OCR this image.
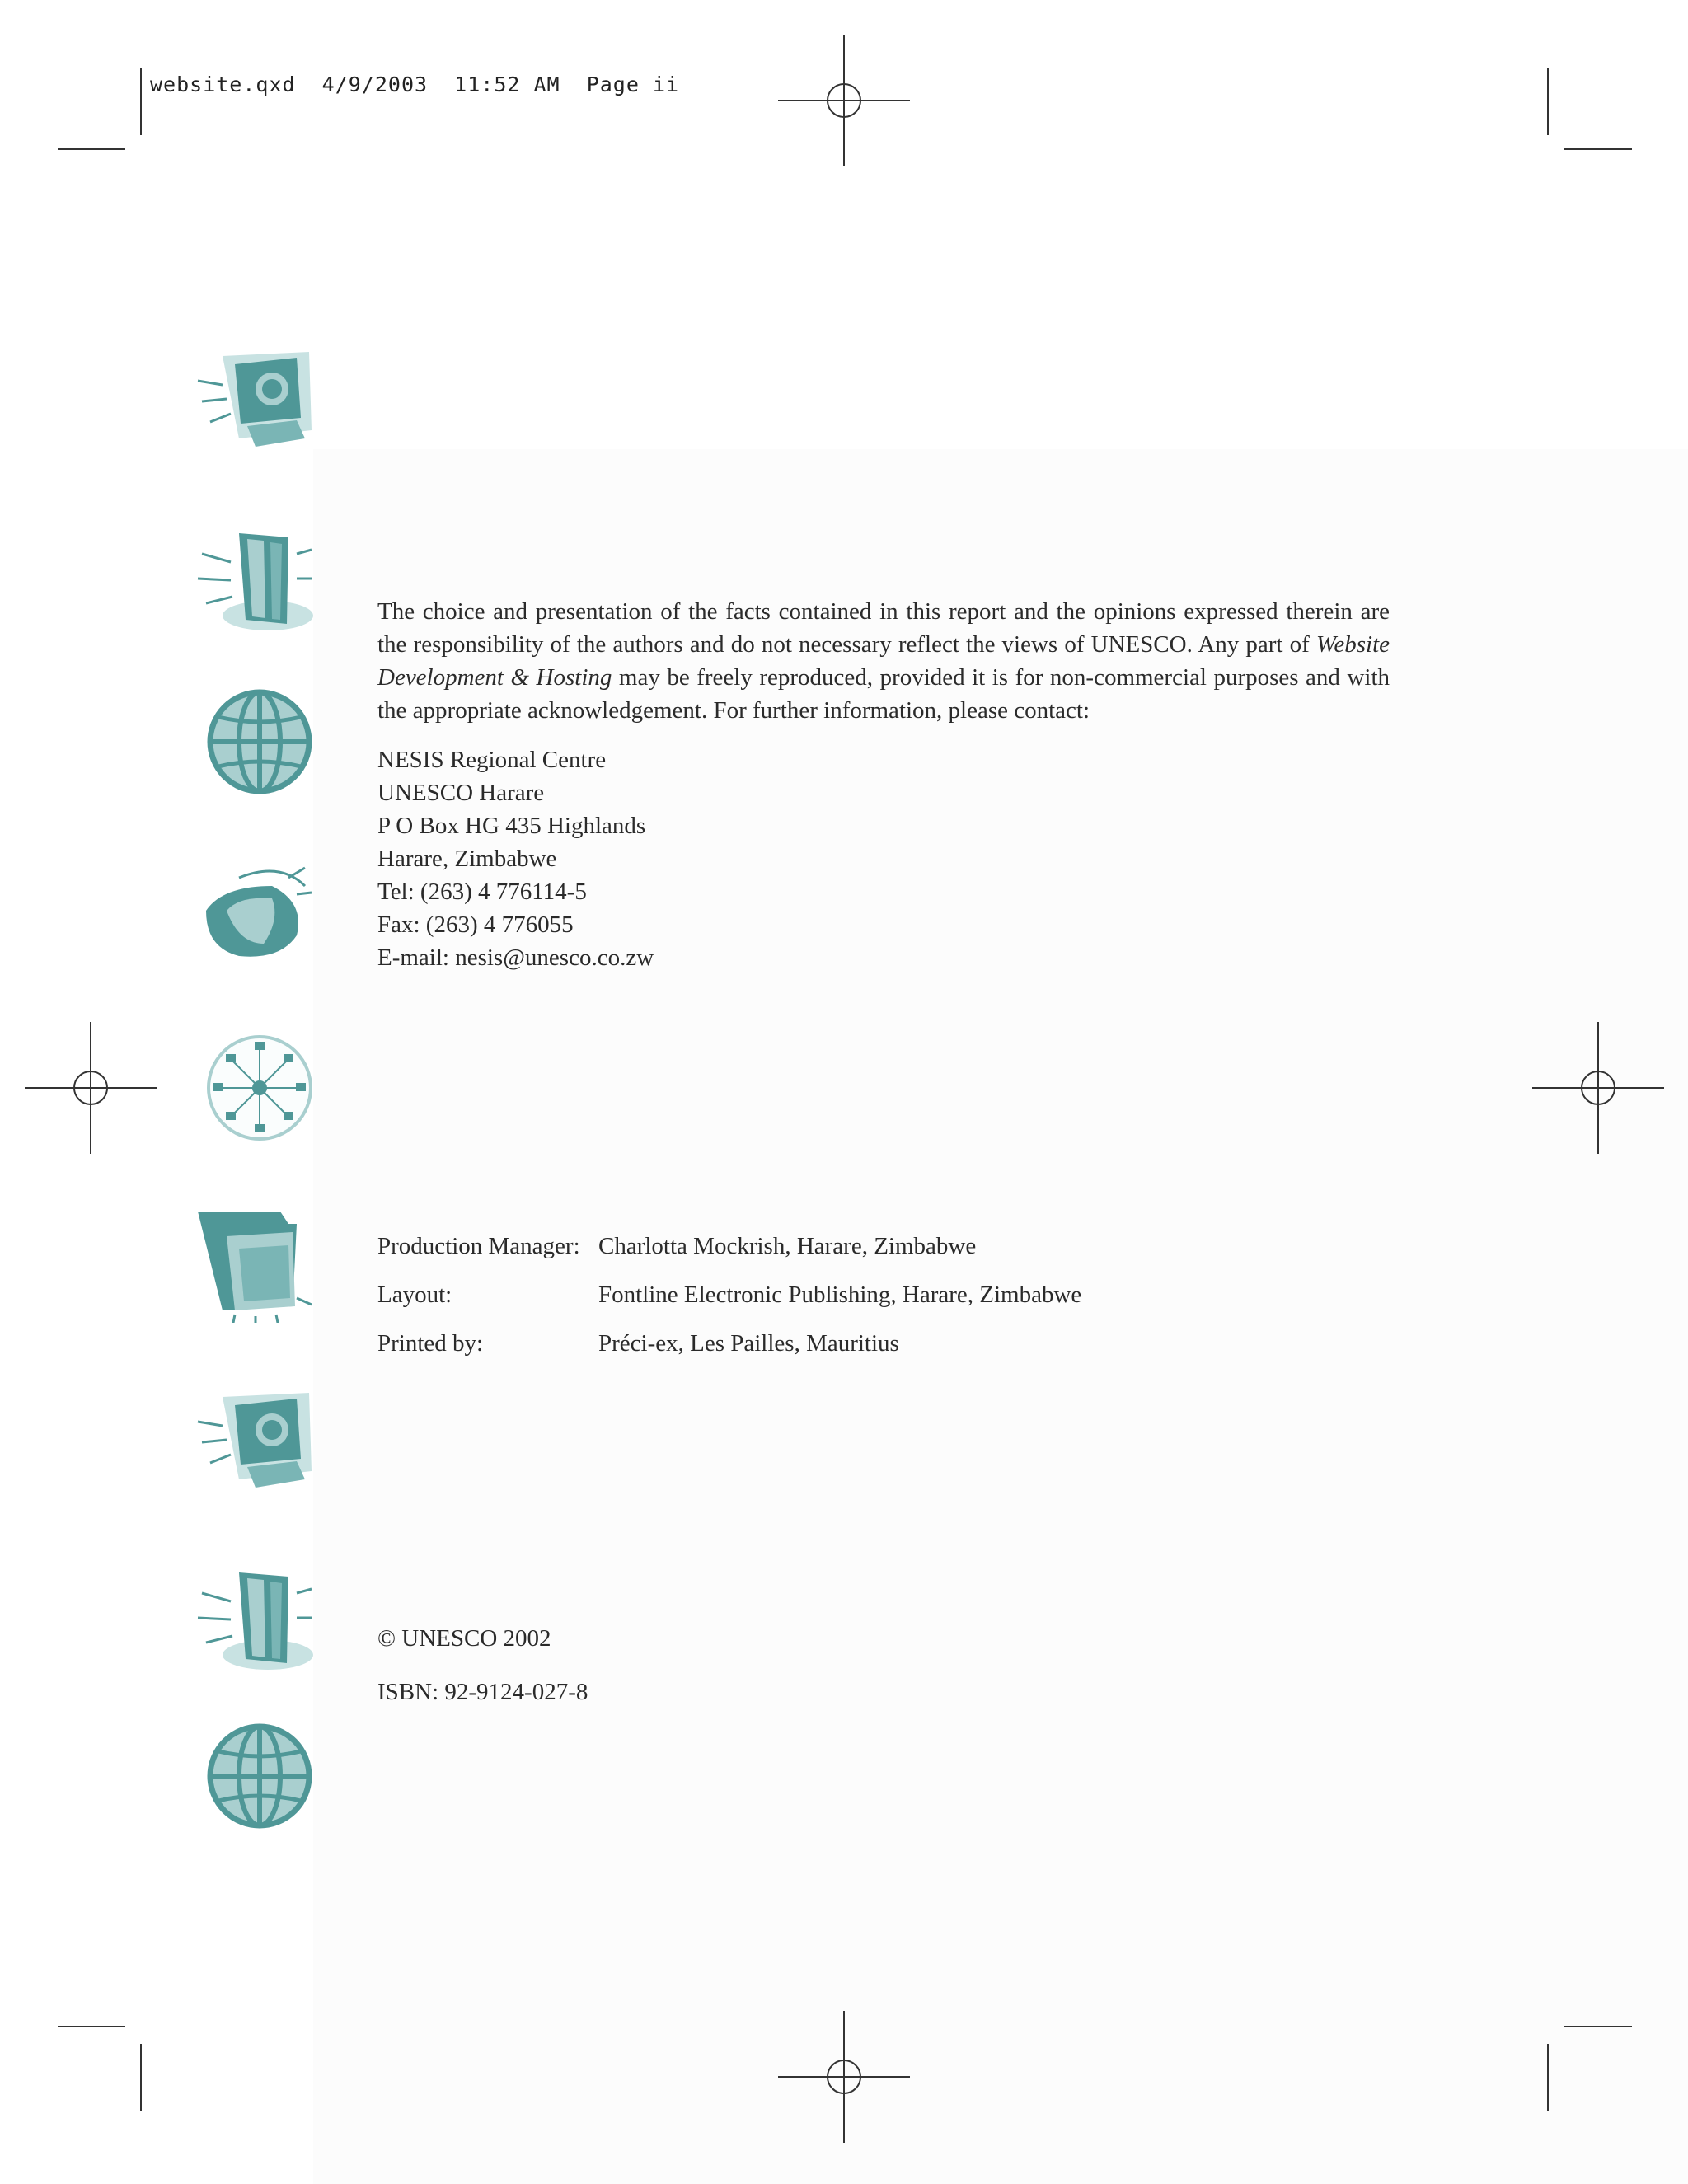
website.qxd  4/9/2003  11:52 AM  Page ii

The choice and presentation of the facts contained in this report and the opinions expressed therein are the responsibility of the authors and do not necessary reflect the views of UNESCO. Any part of Website Development & Hosting may be freely reproduced, provided it is for non-commercial purposes and with the appropriate acknowledgement. For further information, please contact:

NESIS Regional Centre
UNESCO Harare
P O Box HG 435 Highlands
Harare, Zimbabwe
Tel: (263) 4 776114-5
Fax: (263) 4 776055
E-mail: nesis@unesco.co.zw
Production Manager: Charlotta Mockrish, Harare, Zimbabwe
Layout:	Fontline Electronic Publishing, Harare, Zimbabwe
Printed by:	Préci-ex, Les Pailles, Mauritius
© UNESCO 2002
ISBN: 92-9124-027-8
